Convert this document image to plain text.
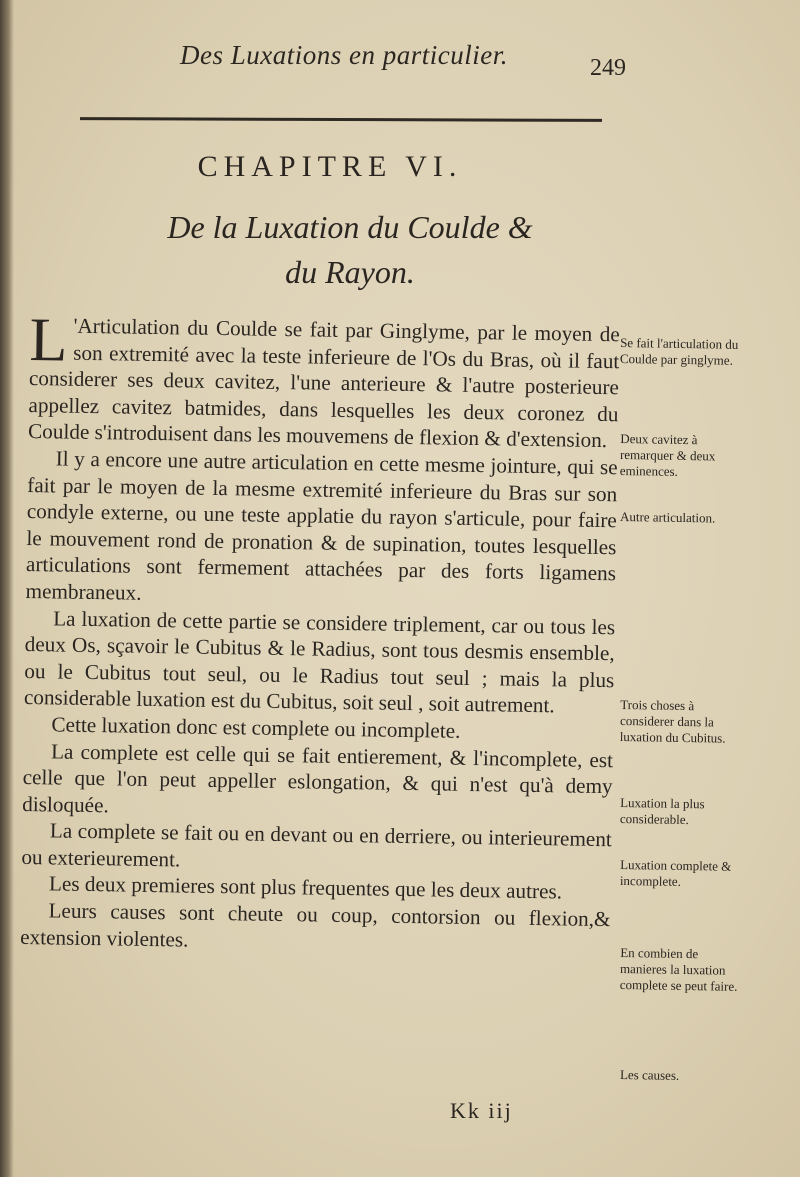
Des Luxations en particulier.	249
CHAPITRE VI.
De la Luxation du Coulde &
du Rayon.

L 'Articulation du Coulde se fait par Ginglyme, par le moyen de son extremité avec la teste inferieure de l'Os du Bras, où il faut considerer ses deux cavitez, l'une anterieure & l'autre posterieure appellez cavitez batmides, dans lesquelles les deux coronez du Coulde s'introduisent dans les mouvemens de flexion & d'extension.

Il y a encore une autre articulation en cette mesme jointure, qui se fait par le moyen de la mesme extremité inferieure du Bras sur son condyle externe, ou une teste applatie du rayon s'articule, pour faire le mouvement rond de pronation & de supination, toutes lesquelles articulations sont fermement attachées par des forts ligamens membraneux.

La luxation de cette partie se considere triplement, car ou tous les deux Os, sçavoir le Cubitus & le Radius, sont tous desmis ensemble, ou le Cubitus tout seul, ou le Radius tout seul ; mais la plus considerable luxation est du Cubitus, soit seul , soit autrement.

Cette luxation donc est complete ou incomplete.

La complete est celle qui se fait entierement, & l'incomplete, est celle que l'on peut appeller eslongation, & qui n'est qu'à demy disloquée.

La complete se fait ou en devant ou en derriere, ou interieurement ou exterieurement.

Les deux premieres sont plus frequentes que les deux autres.

Leurs causes sont cheute ou coup, contorsion ou flexion,& extension violentes.

Se fait l'articulation du Coulde par ginglyme.
Deux cavitez à remarquer & deux eminences.
Autre articulation.
Trois choses à considerer dans la luxation du Cubitus.
Luxation la plus considerable.
Luxation complete & incomplete.
En combien de manieres la luxation complete se peut faire.
Les causes.
Kk iij
